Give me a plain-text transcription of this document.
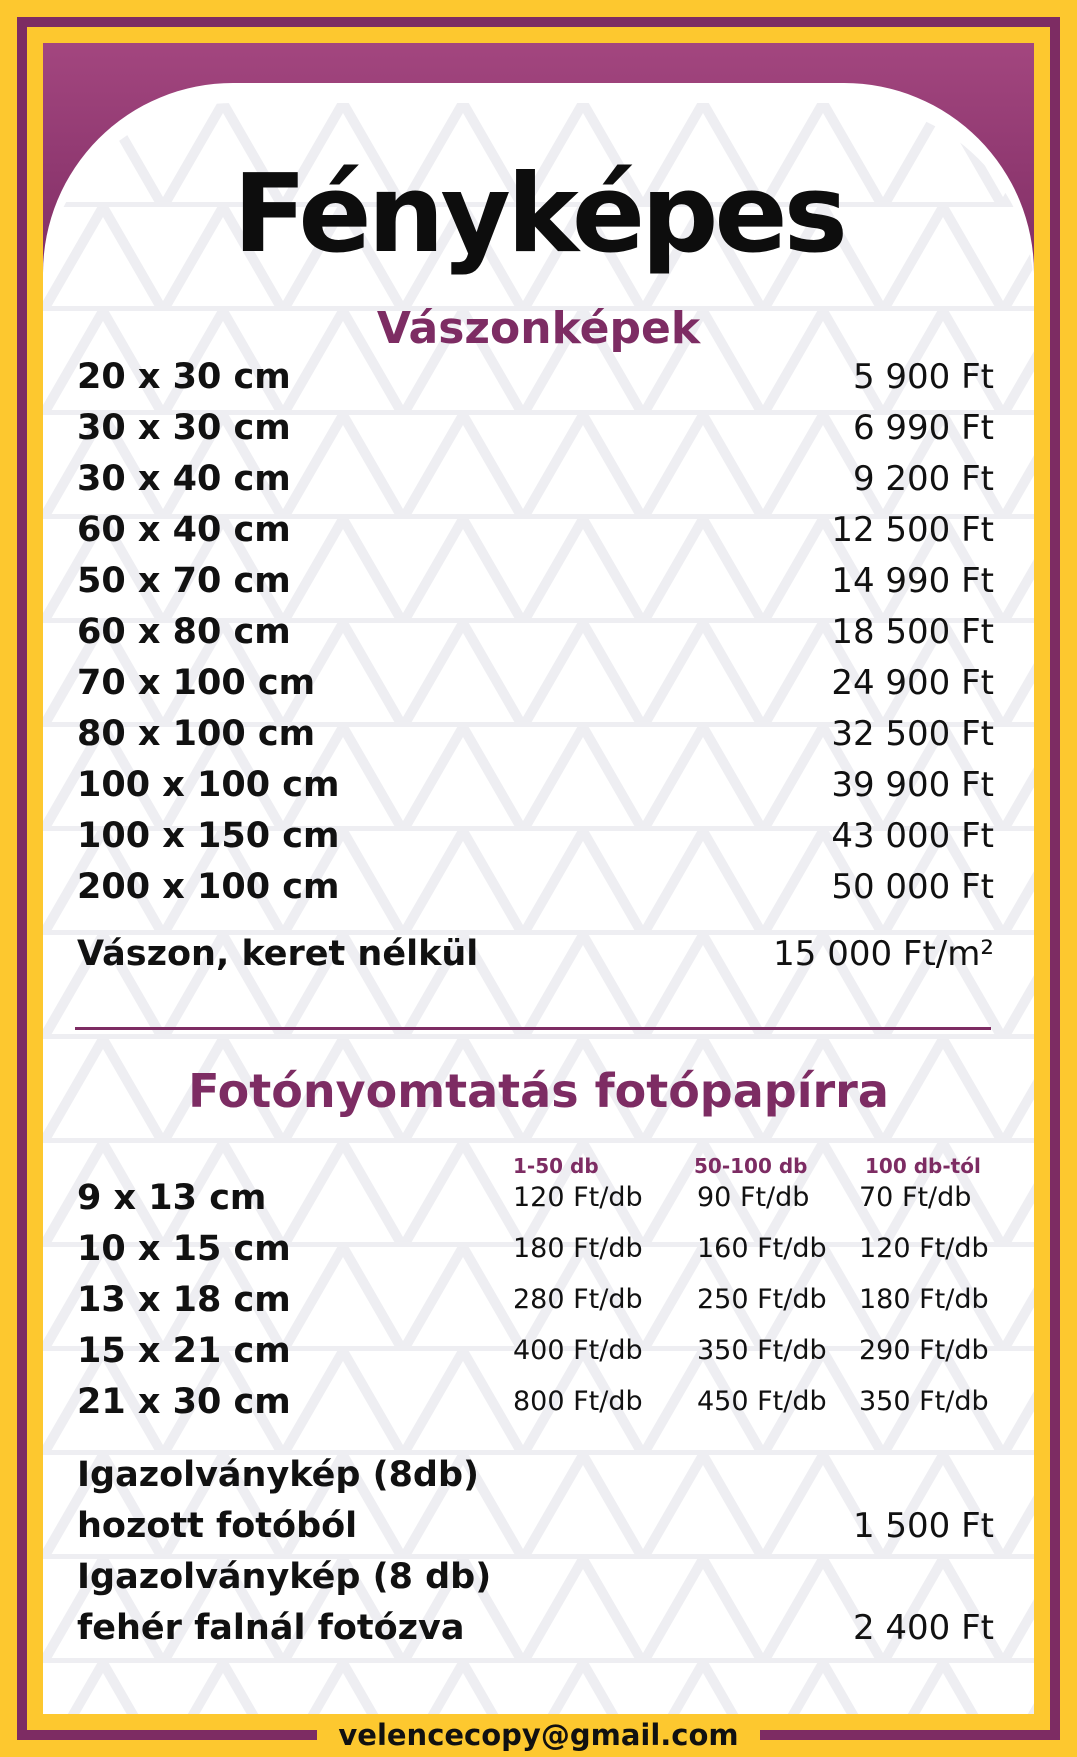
Fényképes
Vászonképek
20 x 30 cm	5 900 Ft
30 x 30 cm	6 990 Ft
30 x 40 cm	9 200 Ft
60 x 40 cm	12 500 Ft
50 x 70 cm	14 990 Ft
60 x 80 cm	18 500 Ft
70 x 100 cm	24 900 Ft
80 x 100 cm	32 500 Ft
100 x 100 cm	39 900 Ft
100 x 150 cm	43 000 Ft
200 x 100 cm	50 000 Ft
Vászon, keret nélkül	15 000 Ft/m²
Fotónyomtatás fotópapírra
1-50 db	50-100 db	100 db-tól
9 x 13 cm	120 Ft/db 90 Ft/db 70 Ft/db
10 x 15 cm	180 Ft/db 160 Ft/db 120 Ft/db
13 x 18 cm	280 Ft/db 250 Ft/db 180 Ft/db
15 x 21 cm	400 Ft/db 350 Ft/db 290 Ft/db
21 x 30 cm	800 Ft/db 450 Ft/db 350 Ft/db
Igazolványkép (8db)
hozott fotóból	1 500 Ft
Igazolványkép (8 db)
fehér falnál fotózva	2 400 Ft
velencecopy@gmail.com
